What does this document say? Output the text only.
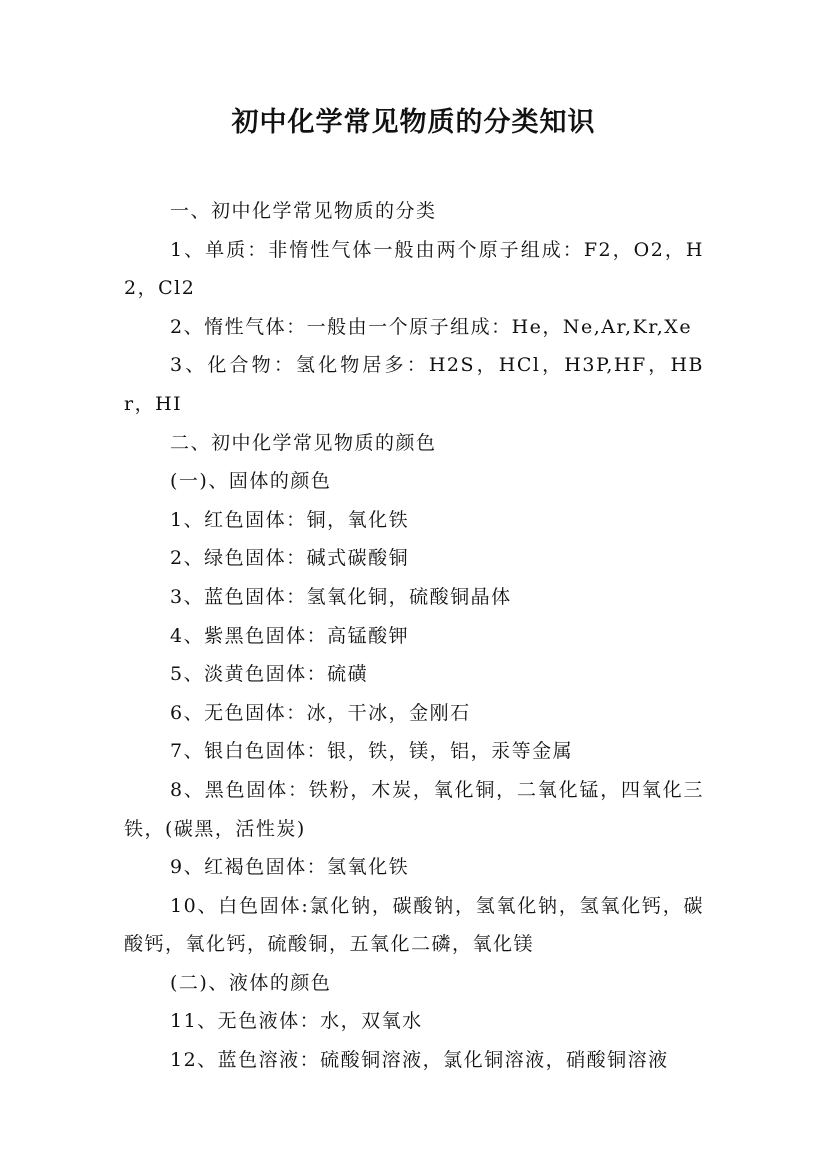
初中化学常见物质的分类知识

一、初中化学常见物质的分类

1、单质：非惰性气体一般由两个原子组成：F2，O2，H2，Cl2

2、惰性气体：一般由一个原子组成：He，Ne,Ar,Kr,Xe

3、化合物：氢化物居多：H2S，HCl，H3P,HF，HBr，HI

二、初中化学常见物质的颜色

(一)、固体的颜色

1、红色固体：铜，氧化铁

2、绿色固体：碱式碳酸铜

3、蓝色固体：氢氧化铜，硫酸铜晶体

4、紫黑色固体：高锰酸钾

5、淡黄色固体：硫磺

6、无色固体：冰，干冰，金刚石

7、银白色固体：银，铁，镁，铝，汞等金属

8、黑色固体：铁粉，木炭，氧化铜，二氧化锰，四氧化三铁，(碳黑，活性炭)

9、红褐色固体：氢氧化铁

10、白色固体:氯化钠，碳酸钠，氢氧化钠，氢氧化钙，碳酸钙，氧化钙，硫酸铜，五氧化二磷，氧化镁

(二)、液体的颜色

11、无色液体：水，双氧水

12、蓝色溶液：硫酸铜溶液，氯化铜溶液，硝酸铜溶液
